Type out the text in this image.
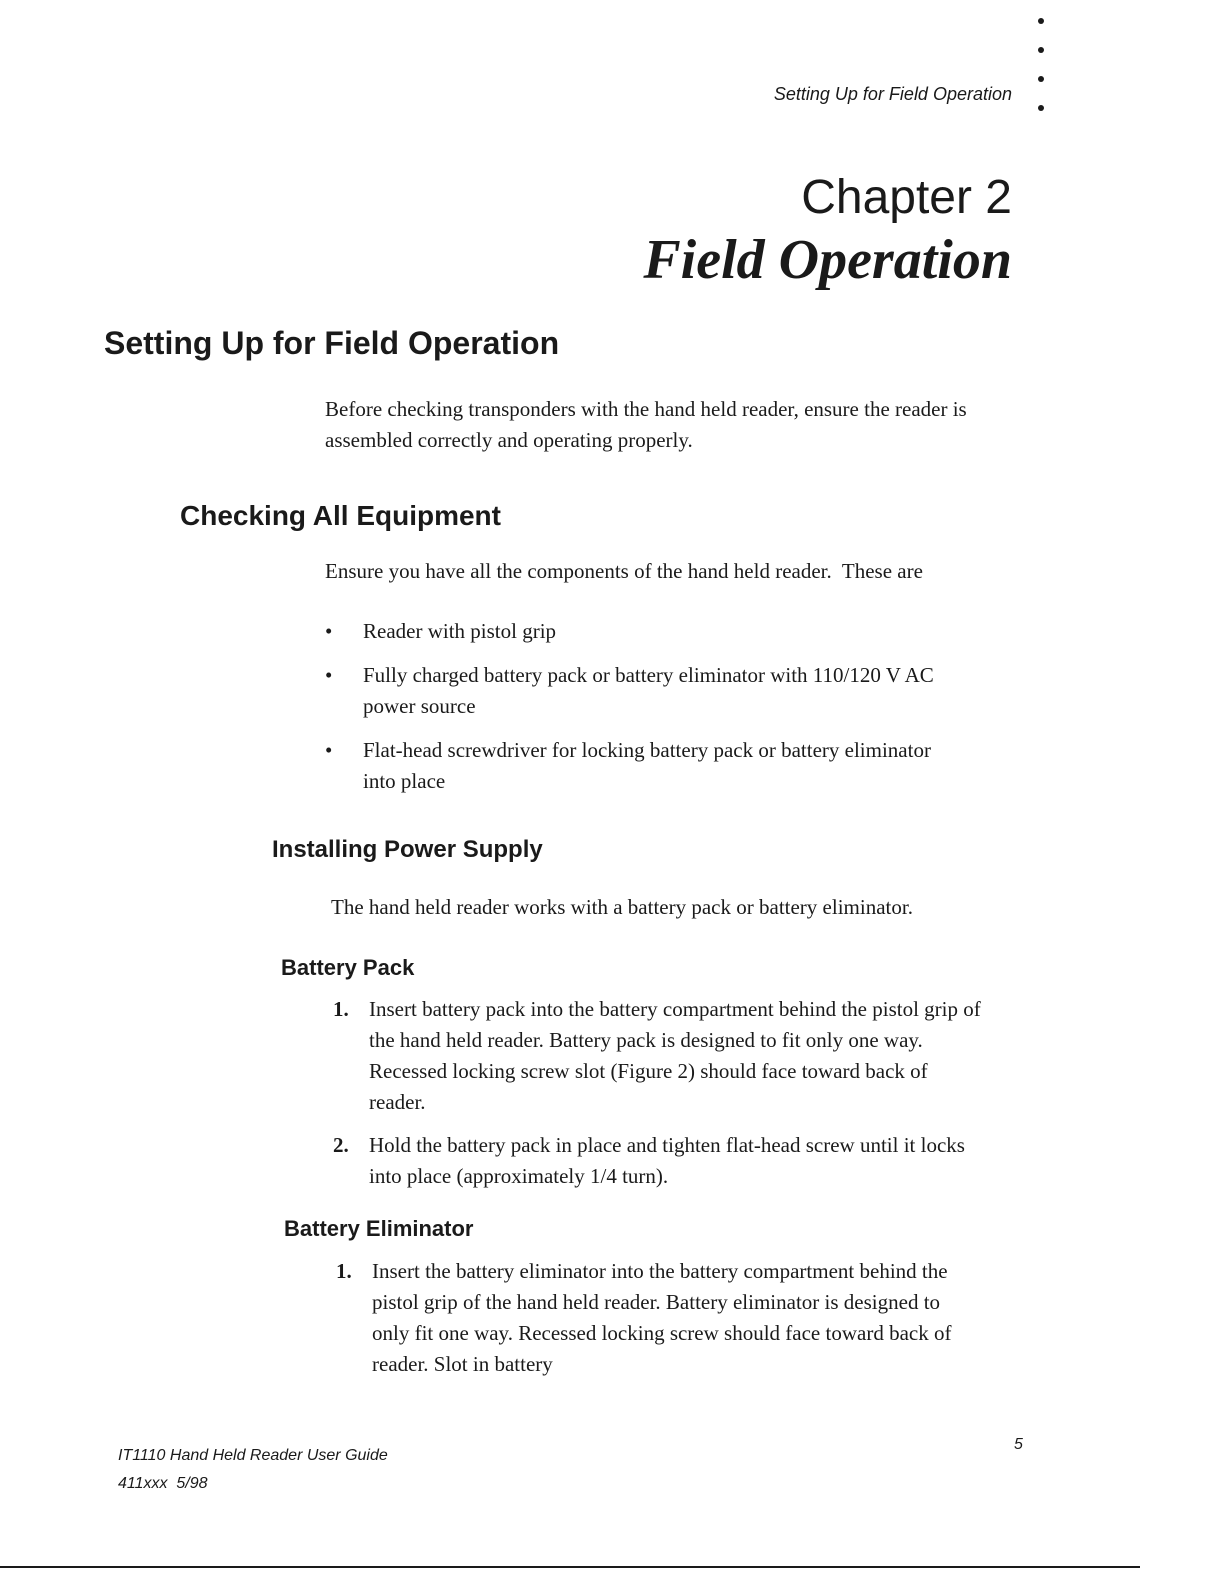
Setting Up for Field Operation
Chapter 2
Field Operation
Setting Up for Field Operation
Before checking transponders with the hand held reader, ensure the reader is assembled correctly and operating properly.
Checking All Equipment
Ensure you have all the components of the hand held reader.  These are
• Reader with pistol grip
• Fully charged battery pack or battery eliminator with 110/120 V AC power source
• Flat-head screwdriver for locking battery pack or battery eliminator into place
Installing Power Supply
The hand held reader works with a battery pack or battery eliminator.
Battery Pack
1. Insert battery pack into the battery compartment behind the pistol grip of the hand held reader. Battery pack is designed to fit only one way. Recessed locking screw slot (Figure 2) should face toward back of reader.
2. Hold the battery pack in place and tighten flat-head screw until it locks into place (approximately 1/4 turn).
Battery Eliminator
1. Insert the battery eliminator into the battery compartment behind the pistol grip of the hand held reader. Battery eliminator is designed to only fit one way. Recessed locking screw should face toward back of reader. Slot in battery
IT1110 Hand Held Reader User Guide
411xxx  5/98
5
